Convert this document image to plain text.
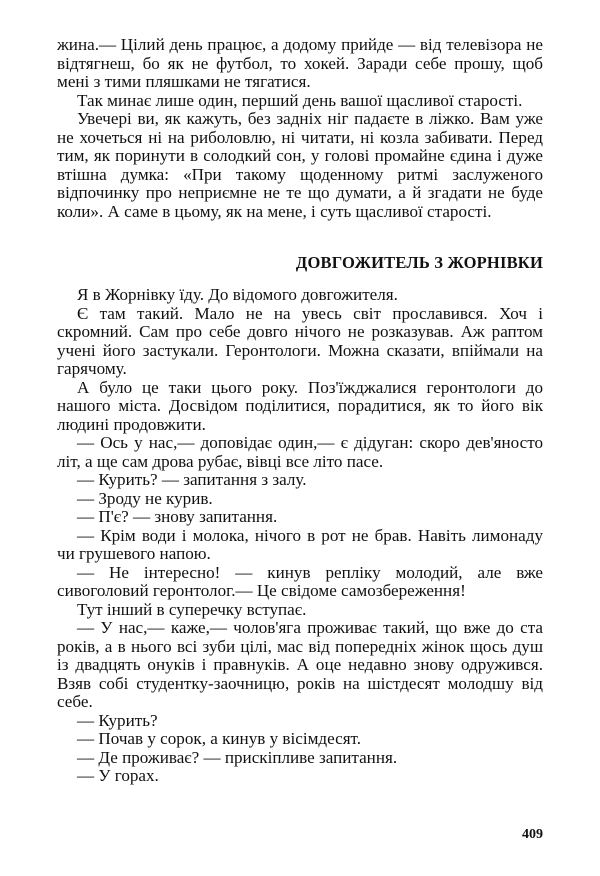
жина.— Цілий день працює, а додому прийде — від телевізора не відтягнеш, бо як не футбол, то хокей. Заради себе прошу, щоб мені з тими пляшками не тягатися.

Так минає лише один, перший день вашої щасливої старості.

Увечері ви, як кажуть, без задніх ніг падаєте в ліжко. Вам уже не хочеться ні на риболовлю, ні читати, ні козла забивати. Перед тим, як поринути в солодкий сон, у голові промайне єдина і дуже втішна думка: «При такому щоденному ритмі заслуженого відпочинку про неприємне не те що думати, а й згадати не буде коли». А саме в цьому, як на мене, і суть щасливої старості.

ДОВГОЖИТЕЛЬ З ЖОРНІВКИ

Я в Жорнівку їду. До відомого довгожителя.

Є там такий. Мало не на увесь світ прославився. Хоч і скромний. Сам про себе довго нічого не розказував. Аж раптом учені його застукали. Геронтологи. Можна сказати, впіймали на гарячому.

А було це таки цього року. Поз'їжджалися геронтологи до нашого міста. Досвідом поділитися, порадитися, як то його вік людині продовжити.

— Ось у нас,— доповідає один,— є дідуган: скоро дев'яносто літ, а ще сам дрова рубає, вівці все літо пасе.

— Курить? — запитання з залу.

— Зроду не курив.

— П'є? — знову запитання.

— Крім води і молока, нічого в рот не брав. Навіть лимонаду чи грушевого напою.

— Не інтересно! — кинув репліку молодий, але вже сивоголовий геронтолог.— Це свідоме самозбереження!

Тут інший в суперечку вступає.

— У нас,— каже,— чолов'яга проживає такий, що вже до ста років, а в нього всі зуби цілі, мас від попередніх жінок щось душ із двадцять онуків і правнуків. А оце недавно знову одружився. Взяв собі студентку-заочницю, років на шістдесят молодшу від себе.

— Курить?

— Почав у сорок, а кинув у вісімдесят.

— Де проживає? — прискіпливе запитання.

— У горах.

409
